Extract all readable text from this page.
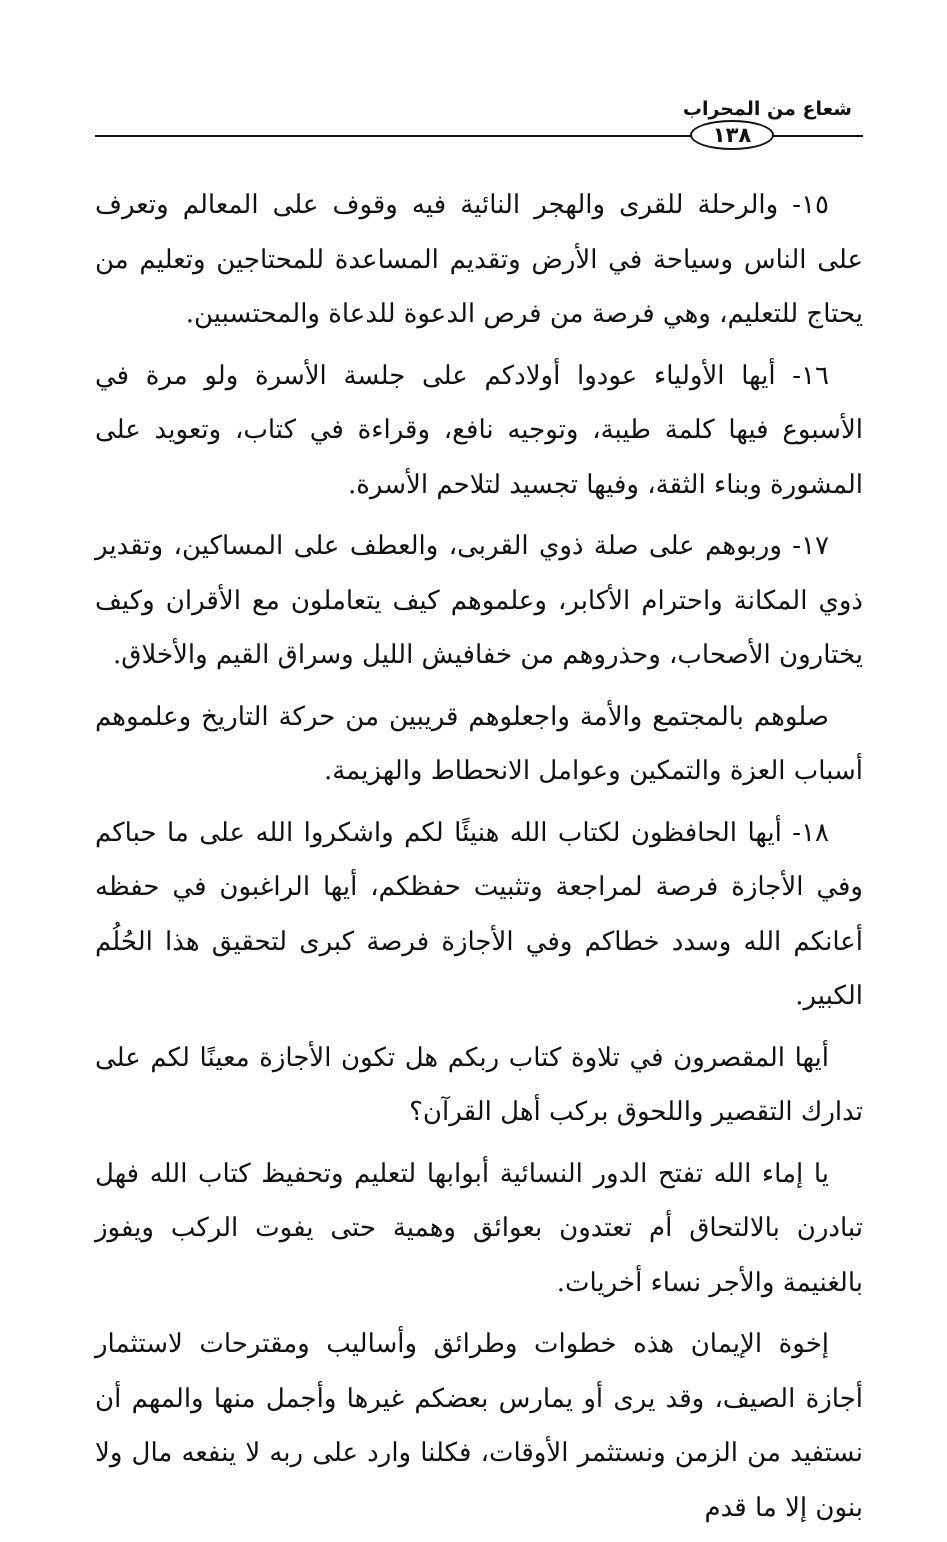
شعاع من المحراب
١٣٨

١٥- والرحلة للقرى والهجر النائية فيه وقوف على المعالم وتعرف على الناس وسياحة في الأرض وتقديم المساعدة للمحتاجين وتعليم من يحتاج للتعليم، وهي فرصة من فرص الدعوة للدعاة والمحتسبين.

١٦- أيها الأولياء عودوا أولادكم على جلسة الأسرة ولو مرة في الأسبوع فيها كلمة طيبة، وتوجيه نافع، وقراءة في كتاب، وتعويد على المشورة وبناء الثقة، وفيها تجسيد لتلاحم الأسرة.

١٧- وربوهم على صلة ذوي القربى، والعطف على المساكين، وتقدير ذوي المكانة واحترام الأكابر، وعلموهم كيف يتعاملون مع الأقران وكيف يختارون الأصحاب، وحذروهم من خفافيش الليل وسراق القيم والأخلاق.

صلوهم بالمجتمع والأمة واجعلوهم قريبين من حركة التاريخ وعلموهم أسباب العزة والتمكين وعوامل الانحطاط والهزيمة.

١٨- أيها الحافظون لكتاب الله هنيئًا لكم واشكروا الله على ما حباكم وفي الأجازة فرصة لمراجعة وتثبيت حفظكم، أيها الراغبون في حفظه أعانكم الله وسدد خطاكم وفي الأجازة فرصة كبرى لتحقيق هذا الحُلُم الكبير.

أيها المقصرون في تلاوة كتاب ربكم هل تكون الأجازة معينًا لكم على تدارك التقصير واللحوق بركب أهل القرآن؟

يا إماء الله تفتح الدور النسائية أبوابها لتعليم وتحفيظ كتاب الله فهل تبادرن بالالتحاق أم تعتدون بعوائق وهمية حتى يفوت الركب ويفوز بالغنيمة والأجر نساء أخريات.

إخوة الإيمان هذه خطوات وطرائق وأساليب ومقترحات لاستثمار أجازة الصيف، وقد يرى أو يمارس بعضكم غيرها وأجمل منها والمهم أن نستفيد من الزمن ونستثمر الأوقات، فكلنا وارد على ربه لا ينفعه مال ولا بنون إلا ما قدم
